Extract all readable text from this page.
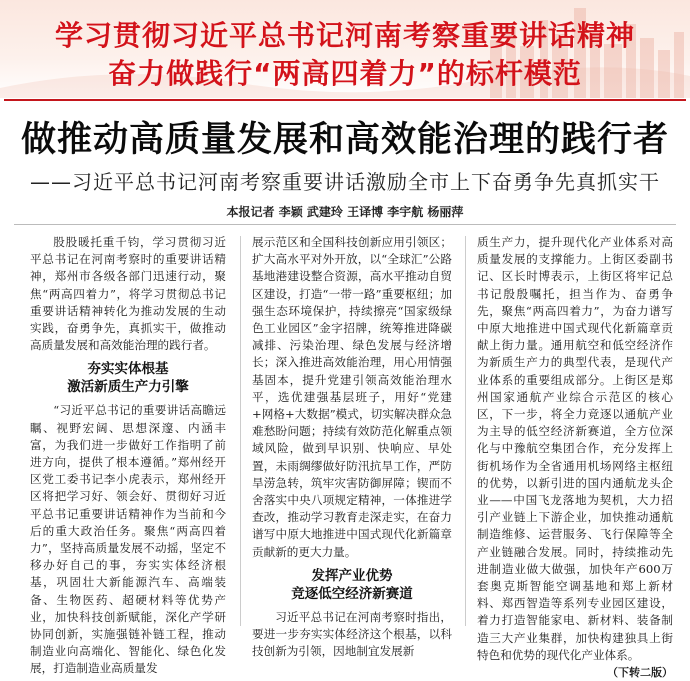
学习贯彻习近平总书记河南考察重要讲话精神
奋力做践行“两高四着力”的标杆模范
做推动高质量发展和高效能治理的践行者
——习近平总书记河南考察重要讲话激励全市上下奋勇争先真抓实干
本报记者 李颖 武建玲 王译博 李宇航 杨丽萍

股股暖托重千钧，学习贯彻习近平总书记在河南考察时的重要讲话精神，郑州市各级各部门迅速行动，聚焦“两高四着力”，将学习贯彻总书记重要讲话精神转化为推动发展的生动实践，奋勇争先，真抓实干，做推动高质量发展和高效能治理的践行者。

夯实实体根基
激活新质生产力引擎

“习近平总书记的重要讲话高瞻远瞩、视野宏阔、思想深邃、内涵丰富，为我们进一步做好工作指明了前进方向，提供了根本遵循。”郑州经开区党工委书记李小虎表示，郑州经开区将把学习好、领会好、贯彻好习近平总书记重要讲话精神作为当前和今后的重大政治任务。聚焦“两高四着力”，坚持高质量发展不动摇，坚定不移办好自己的事，夯实实体经济根基，巩固壮大新能源汽车、高端装备、生物医药、超硬材料等优势产业，加快科技创新赋能，深化产学研协同创新，实施强链补链工程，推动制造业向高端化、智能化、绿色化发展，打造制造业高质量发

展示范区和全国科技创新应用引领区；扩大高水平对外开放，以“全球汇”公路基地港建设整合资源，高水平推动自贸区建设，打造“一带一路”重要枢纽；加强生态环境保护，持续擦亮“国家级绿色工业园区”金字招牌，统筹推进降碳减排、污染治理、绿色发展与经济增长；深入推进高效能治理，用心用情强基固本，提升党建引领高效能治理水平，选优建强基层班子，用好“党建+网格+大数据”模式，切实解决群众急难愁盼问题；持续有效防范化解重点领域风险，做到早识别、快响应、早处置，未雨绸缪做好防汛抗旱工作，严防旱涝急转，筑牢灾害防御屏障；锲而不舍落实中央八项规定精神，一体推进学查改，推动学习教育走深走实，在奋力谱写中原大地推进中国式现代化新篇章贡献新的更大力量。

发挥产业优势
竞逐低空经济新赛道

习近平总书记在河南考察时指出，要进一步夯实实体经济这个根基，以科技创新为引领，因地制宜发展新

质生产力，提升现代化产业体系对高质量发展的支撑能力。上街区委副书记、区长时博表示，上街区将牢记总书记殷殷嘱托，担当作为、奋勇争先，聚焦“两高四着力”，为奋力谱写中原大地推进中国式现代化新篇章贡献上街力量。通用航空和低空经济作为新质生产力的典型代表，是现代产业体系的重要组成部分。上街区是郑州国家通航产业综合示范区的核心区，下一步，将全力竞逐以通航产业为主导的低空经济新赛道，全方位深化与中豫航空集团合作，充分发挥上街机场作为全省通用机场网络主枢纽的优势，以新引进的国内通航龙头企业——中国飞龙落地为契机，大力招引产业链上下游企业，加快推动通航制造维修、运营服务、飞行保障等全产业链融合发展。同时，持续推动先进制造业做大做强，加快年产600万套奥克斯智能空调基地和郑上新材料、郑西智造等系列专业园区建设，着力打造智能家电、新材料、装备制造三大产业集群，加快构建独具上街特色和优势的现代化产业体系。
（下转二版）
